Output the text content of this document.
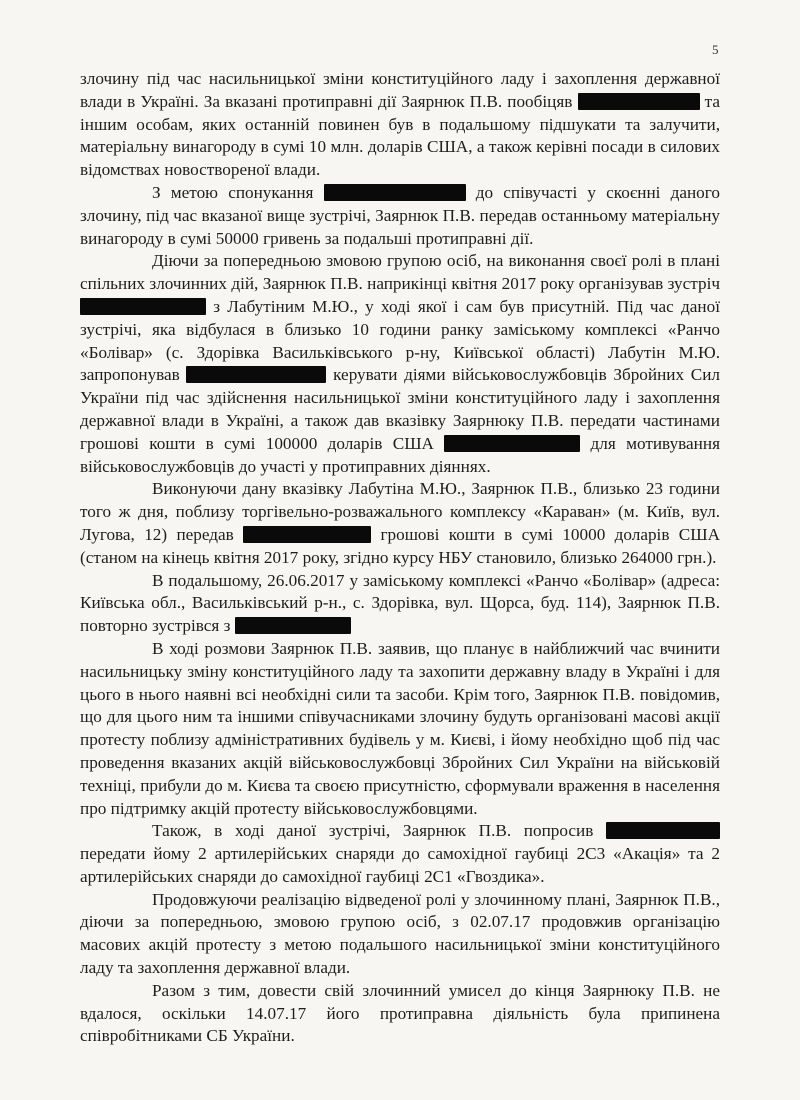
5

злочину під час насильницької зміни конституційного ладу і захоплення державної влади в Україні. За вказані протиправні дії Заярнюк П.В. пообіцяв	та іншим особам, яких останній повинен був в подальшому підшукати та залучити, матеріальну винагороду в сумі 10 млн. доларів США, а також керівні посади в силових відомствах новоствореної влади.

З метою спонукання	до співучасті у скоєнні даного злочину, під час вказаної вище зустрічі, Заярнюк П.В. передав останньому матеріальну винагороду в сумі 50000 гривень за подальші протиправні дії.

Діючи за попередньою змовою групою осіб, на виконання своєї ролі в плані спільних злочинних дій, Заярнюк П.В. наприкінці квітня 2017 року організував зустріч  з Лабутіним М.Ю., у ході якої і сам був присутній. Під час даної зустрічі, яка відбулася в близько 10 години ранку заміському комплексі «Ранчо «Болівар» (с. Здорівка Васильківського р-ну, Київської області) Лабутін М.Ю. запропонував	керувати діями військовослужбовців Збройних Сил України під час здійснення насильницької зміни конституційного ладу і захоплення державної влади в Україні, а також дав вказівку Заярнюку П.В. передати частинами грошові кошти в сумі 100000 доларів США	для мотивування військовослужбовців до участі у протиправних діяннях.

Виконуючи дану вказівку Лабутіна М.Ю., Заярнюк П.В., близько 23 години того ж дня, поблизу торгівельно-розважального комплексу «Караван» (м. Київ, вул. Лугова, 12) передав	грошові кошти в сумі 10000 доларів США (станом на кінець квітня 2017 року, згідно курсу НБУ становило, близько 264000 грн.).

В подальшому, 26.06.2017 у заміському комплексі «Ранчо «Болівар» (адреса: Київська обл., Васильківський р-н., с. Здорівка, вул. Щорса, буд. 114), Заярнюк П.В. повторно зустрівся з

В ході розмови Заярнюк П.В. заявив, що планує в найближчий час вчинити насильницьку зміну конституційного ладу та захопити державну владу в Україні і для цього в нього наявні всі необхідні сили та засоби. Крім того, Заярнюк П.В. повідомив, що для цього ним та іншими співучасниками злочину будуть організовані масові акції протесту поблизу адміністративних будівель у м. Києві, і йому необхідно щоб під час проведення вказаних акцій військовослужбовці Збройних Сил України на військовій техніці, прибули до м. Києва та своєю присутністю, сформували враження в населення про підтримку акцій протесту військовослужбовцями.

Також, в ході даної зустрічі, Заярнюк П.В. попросив  передати йому 2 артилерійських снаряди до самохідної гаубиці 2С3 «Акація» та 2 артилерійських снаряди до самохідної гаубиці 2С1 «Гвоздика».

Продовжуючи реалізацію відведеної ролі у злочинному плані, Заярнюк П.В., діючи за попередньою, змовою групою осіб, з 02.07.17 продовжив організацію масових акцій протесту з метою подальшого насильницької зміни конституційного ладу та захоплення державної влади.

Разом з тим, довести свій злочинний умисел до кінця Заярнюку П.В. не вдалося, оскільки 14.07.17 його протиправна діяльність була припинена співробітниками СБ України.
